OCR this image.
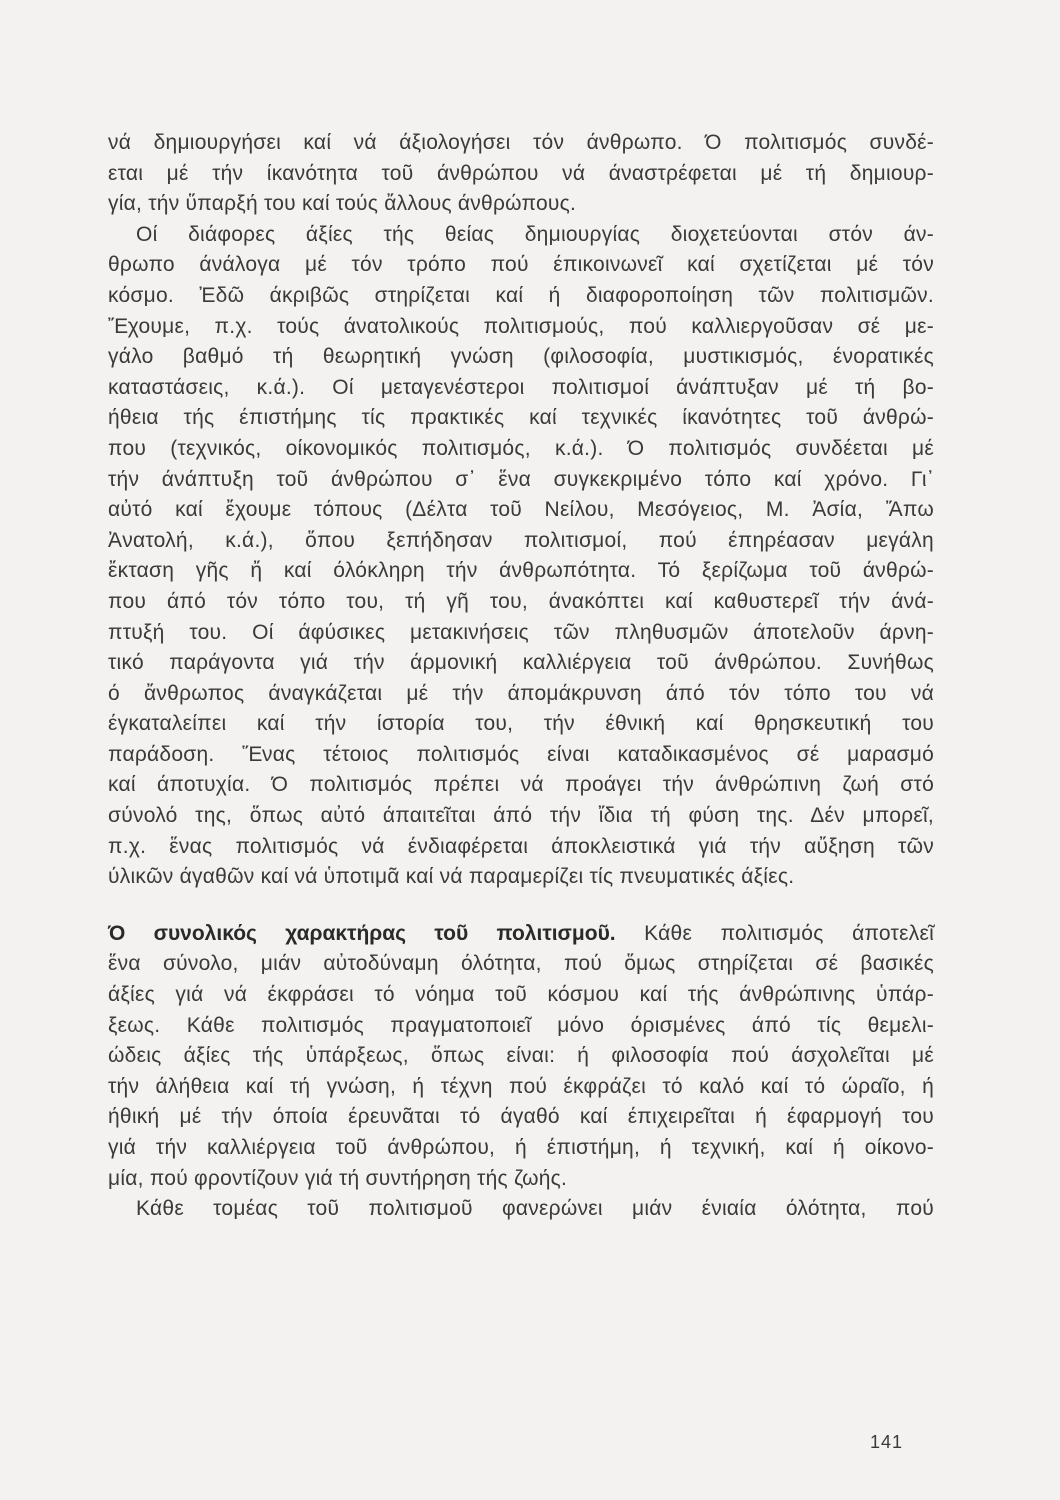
νά δημιουργήσει καί νά άξιολογήσει τόν άνθρωπο. Ό πολιτισμός συνδέ-

εται μέ τήν ίκανότητα τοῦ άνθρώπου νά άναστρέφεται μέ τή δημιουρ-

γία, τήν ὕπαρξή του καί τούς ἄλλους άνθρώπους.

Οί διάφορες άξίες τής θείας δημιουργίας διοχετεύονται στόν άν-

θρωπο άνάλογα μέ τόν τρόπο πού έπικοινωνεῖ καί σχετίζεται μέ τόν

κόσμο. Ἐδῶ άκριβῶς στηρίζεται καί ή διαφοροποίηση τῶν πολιτισμῶν.

Ἔχουμε, π.χ. τούς άνατολικούς πολιτισμούς, πού καλλιεργοῦσαν σέ με-

γάλο βαθμό τή θεωρητική γνώση (φιλοσοφία, μυστικισμός, ένορατικές

καταστάσεις, κ.ά.). Οί μεταγενέστεροι πολιτισμοί άνάπτυξαν μέ τή βο-

ήθεια τής έπιστήμης τίς πρακτικές καί τεχνικές ίκανότητες τοῦ άνθρώ-

που (τεχνικός, οίκονομικός πολιτισμός, κ.ά.). Ό πολιτισμός συνδέεται μέ

τήν άνάπτυξη τοῦ άνθρώπου σ᾽ ἕνα συγκεκριμένο τόπο καί χρόνο. Γι᾽

αὐτό καί ἔχουμε τόπους (Δέλτα τοῦ Νείλου, Μεσόγειος, Μ. Ἀσία, Ἄπω

Ἀνατολή, κ.ά.), ὅπου ξεπήδησαν πολιτισμοί, πού έπηρέασαν μεγάλη

ἔκταση γῆς ἤ καί όλόκληρη τήν άνθρωπότητα. Τό ξερίζωμα τοῦ άνθρώ-

που άπό τόν τόπο του, τή γῆ του, άνακόπτει καί καθυστερεῖ τήν άνά-

πτυξή του. Οί άφύσικες μετακινήσεις τῶν πληθυσμῶν άποτελοῦν άρνη-

τικό παράγοντα γιά τήν άρμονική καλλιέργεια τοῦ άνθρώπου. Συνήθως

ό ἄνθρωπος άναγκάζεται μέ τήν άπομάκρυνση άπό τόν τόπο του νά

έγκαταλείπει καί τήν ίστορία του, τήν έθνική καί θρησκευτική του

παράδοση. Ἕνας τέτοιος πολιτισμός είναι καταδικασμένος σέ μαρασμό

καί άποτυχία. Ό πολιτισμός πρέπει νά προάγει τήν άνθρώπινη ζωή στό

σύνολό της, ὅπως αὐτό άπαιτεῖται άπό τήν ἴδια τή φύση της. Δέν μπορεῖ,

π.χ. ἕνας πολιτισμός νά ένδιαφέρεται άποκλειστικά γιά τήν αὔξηση τῶν

ύλικῶν άγαθῶν καί νά ὑποτιμᾶ καί νά παραμερίζει τίς πνευματικές άξίες.

Ό συνολικός χαρακτήρας τοῦ πολιτισμοῦ. Κάθε πολιτισμός άποτελεῖ

ἕνα σύνολο, μιάν αὐτοδύναμη όλότητα, πού ὅμως στηρίζεται σέ βασικές

άξίες γιά νά έκφράσει τό νόημα τοῦ κόσμου καί τής άνθρώπινης ὑπάρ-

ξεως. Κάθε πολιτισμός πραγματοποιεῖ μόνο όρισμένες άπό τίς θεμελι-

ώδεις άξίες τής ὑπάρξεως, ὅπως είναι: ή φιλοσοφία πού άσχολεῖται μέ

τήν άλήθεια καί τή γνώση, ή τέχνη πού έκφράζει τό καλό καί τό ώραῖο, ή

ήθική μέ τήν όποία έρευνᾶται τό άγαθό καί έπιχειρεῖται ή έφαρμογή του

γιά τήν καλλιέργεια τοῦ άνθρώπου, ή έπιστήμη, ή τεχνική, καί ή οίκονο-

μία, πού φροντίζουν γιά τή συντήρηση τής ζωής.

Κάθε τομέας τοῦ πολιτισμοῦ φανερώνει μιάν ένιαία όλότητα, πού

141
